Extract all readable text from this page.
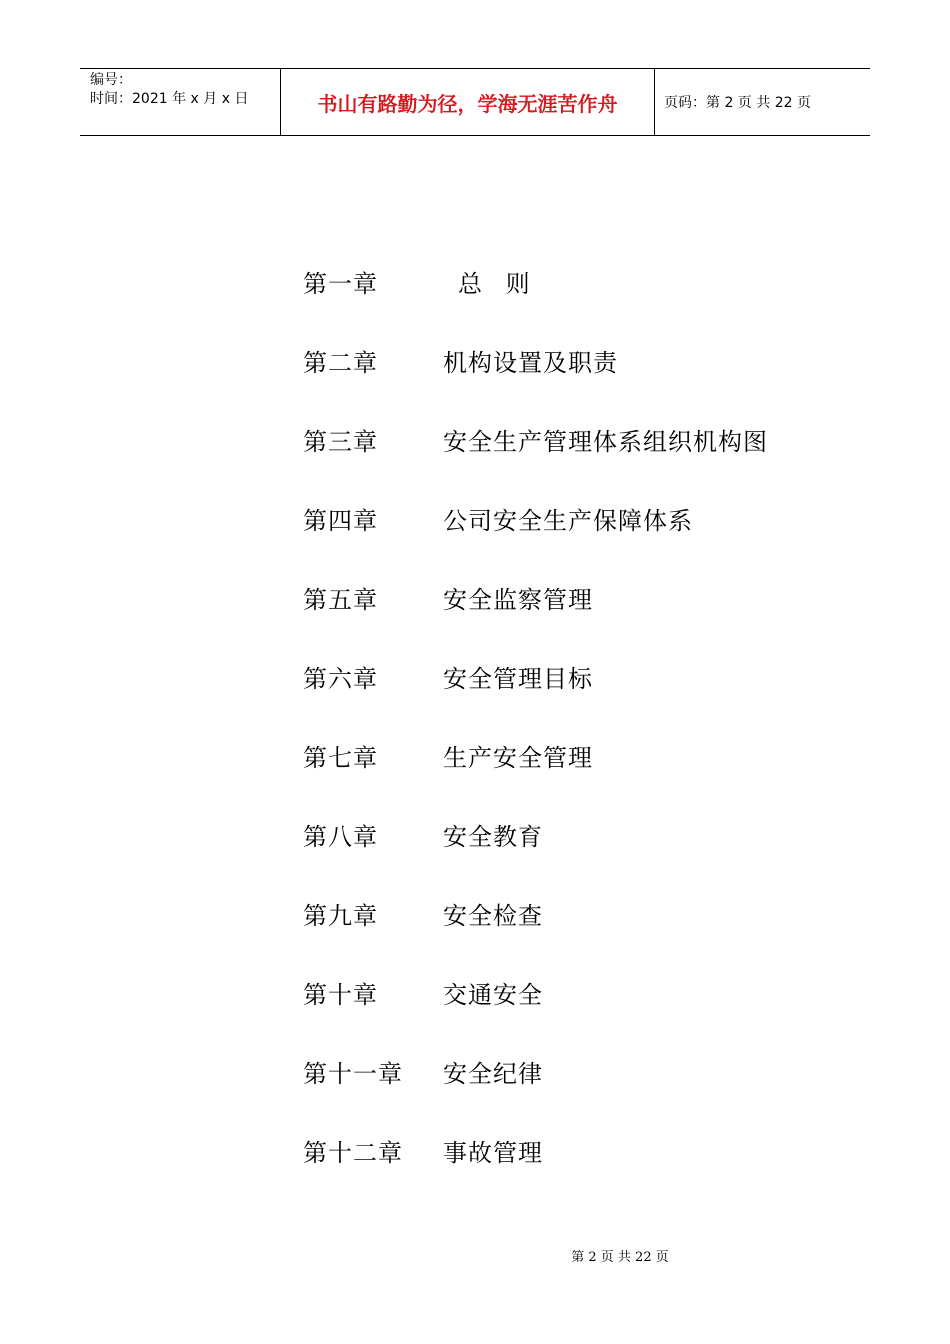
编号：
时间：2021 年 x 月 x 日	书山有路勤为径，学海无涯苦作舟	页码：第 2 页 共 22 页
第一章	总 则
第二章	机构设置及职责
第三章	安全生产管理体系组织机构图
第四章	公司安全生产保障体系
第五章	安全监察管理
第六章	安全管理目标
第七章	生产安全管理
第八章	安全教育
第九章	安全检查
第十章	交通安全
第十一章 安全纪律
第十二章 事故管理
第 2 页 共 22 页
